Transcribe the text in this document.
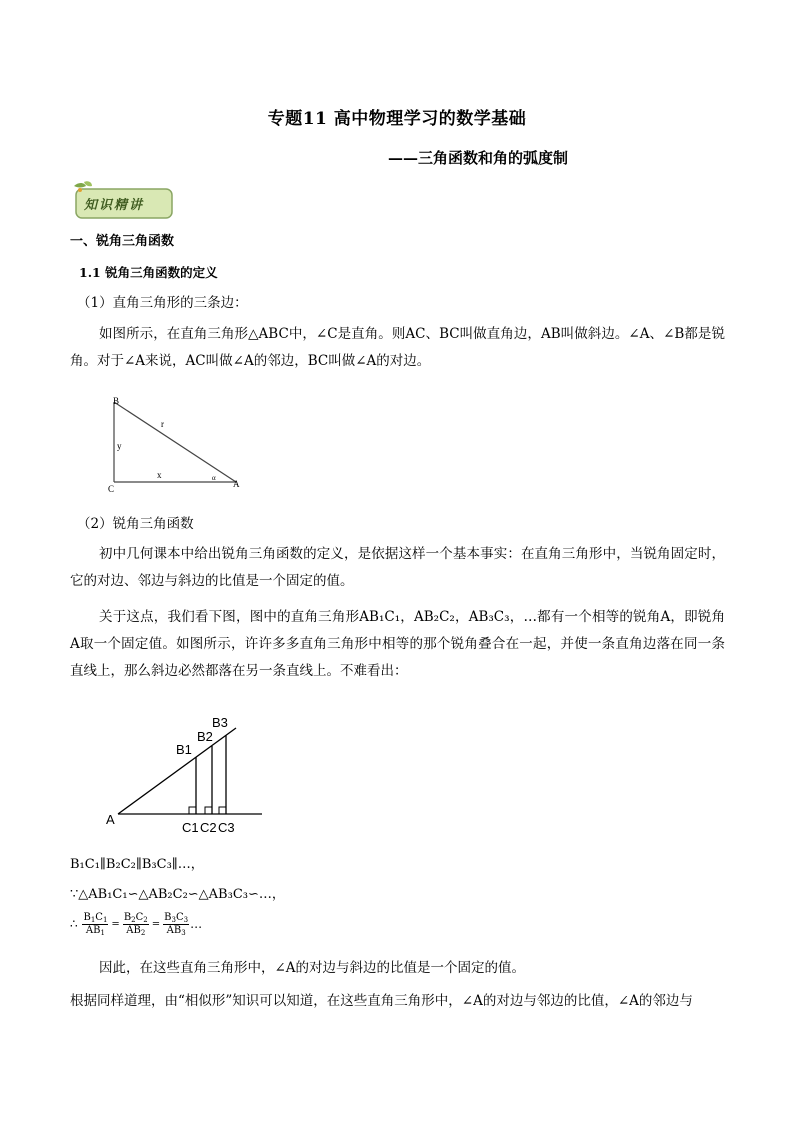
专题11 高中物理学习的数学基础
——三角函数和角的弧度制
知识精讲
一、锐角三角函数
1.1 锐角三角函数的定义
（1）直角三角形的三条边：
如图所示，在直角三角形△ABC中，∠C是直角。则AC、BC叫做直角边，AB叫做斜边。∠A、∠B都是锐角。对于∠A来说，AC叫做∠A的邻边，BC叫做∠A的对边。
B
C	A
y
x
r
α
（2）锐角三角函数
初中几何课本中给出锐角三角函数的定义，是依据这样一个基本事实：在直角三角形中，当锐角固定时，它的对边、邻边与斜边的比值是一个固定的值。
关于这点，我们看下图，图中的直角三角形AB₁C₁，AB₂C₂，AB₃C₃，…都有一个相等的锐角A，即锐角A取一个固定值。如图所示，许许多多直角三角形中相等的那个锐角叠合在一起，并使一条直角边落在同一条直线上，那么斜边必然都落在另一条直线上。不难看出：
A
B1
B2
B3
C1 C2 C3
B₁C₁∥B₂C₂∥B₃C₃∥…，
∵△AB₁C₁∽△AB₂C₂∽△AB₃C₃∽…，
∴ $\frac{B_1C_1}{AB_1} = \frac{B_2C_2}{AB_2} = \frac{B_3C_3}{AB_3}$ …
因此，在这些直角三角形中，∠A的对边与斜边的比值是一个固定的值。
根据同样道理，由“相似形”知识可以知道，在这些直角三角形中，∠A的对边与邻边的比值，∠A的邻边与
